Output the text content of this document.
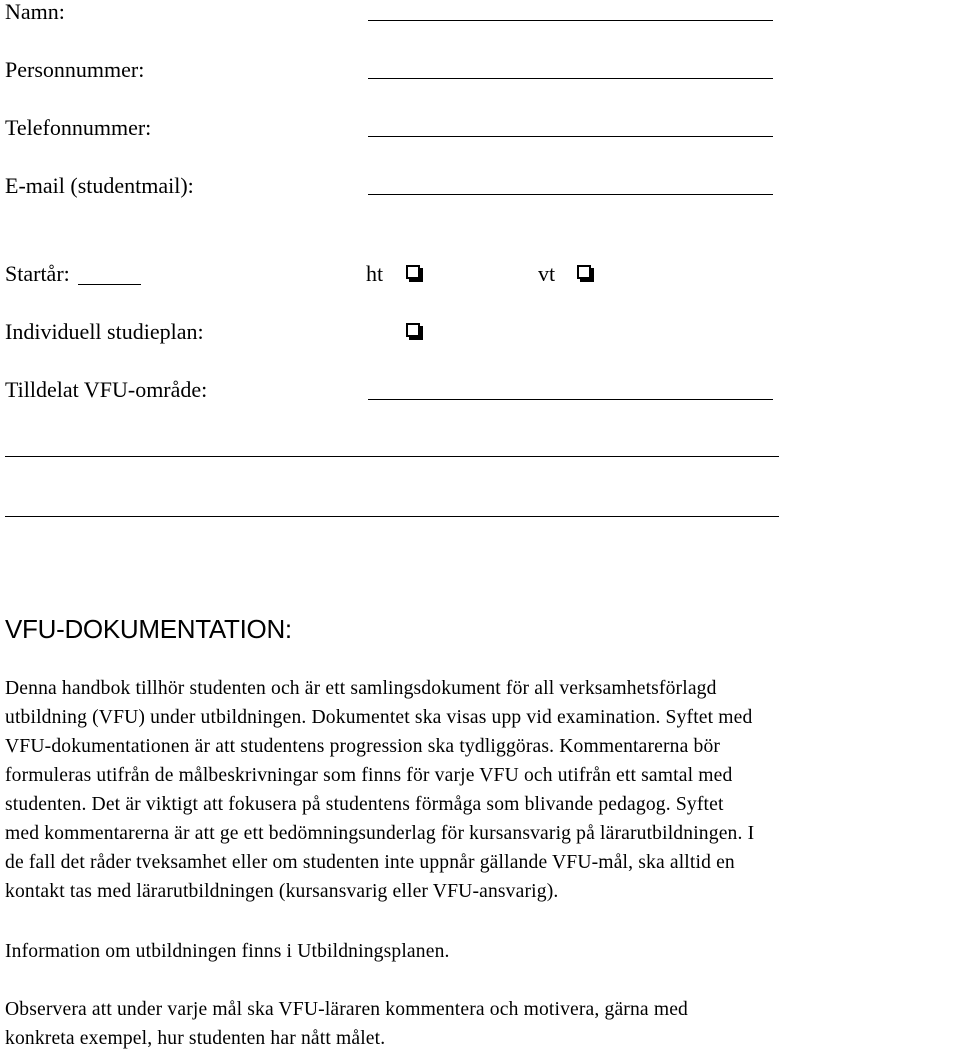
Namn:
Personnummer:
Telefonnummer:
E-mail (studentmail):
Startår:	ht	vt
Individuell studieplan:
Tilldelat VFU-område:
VFU-DOKUMENTATION:
Denna handbok tillhör studenten och är ett samlingsdokument för all verksamhetsförlagd
utbildning (VFU) under utbildningen. Dokumentet ska visas upp vid examination. Syftet med
VFU-dokumentationen är att studentens progression ska tydliggöras. Kommentarerna bör
formuleras utifrån de målbeskrivningar som finns för varje VFU och utifrån ett samtal med
studenten. Det är viktigt att fokusera på studentens förmåga som blivande pedagog. Syftet
med kommentarerna är att ge ett bedömningsunderlag för kursansvarig på lärarutbildningen. I
de fall det råder tveksamhet eller om studenten inte uppnår gällande VFU-mål, ska alltid en
kontakt tas med lärarutbildningen (kursansvarig eller VFU-ansvarig).
Information om utbildningen finns i Utbildningsplanen.
Observera att under varje mål ska VFU-läraren kommentera och motivera, gärna med
konkreta exempel, hur studenten har nått målet.
